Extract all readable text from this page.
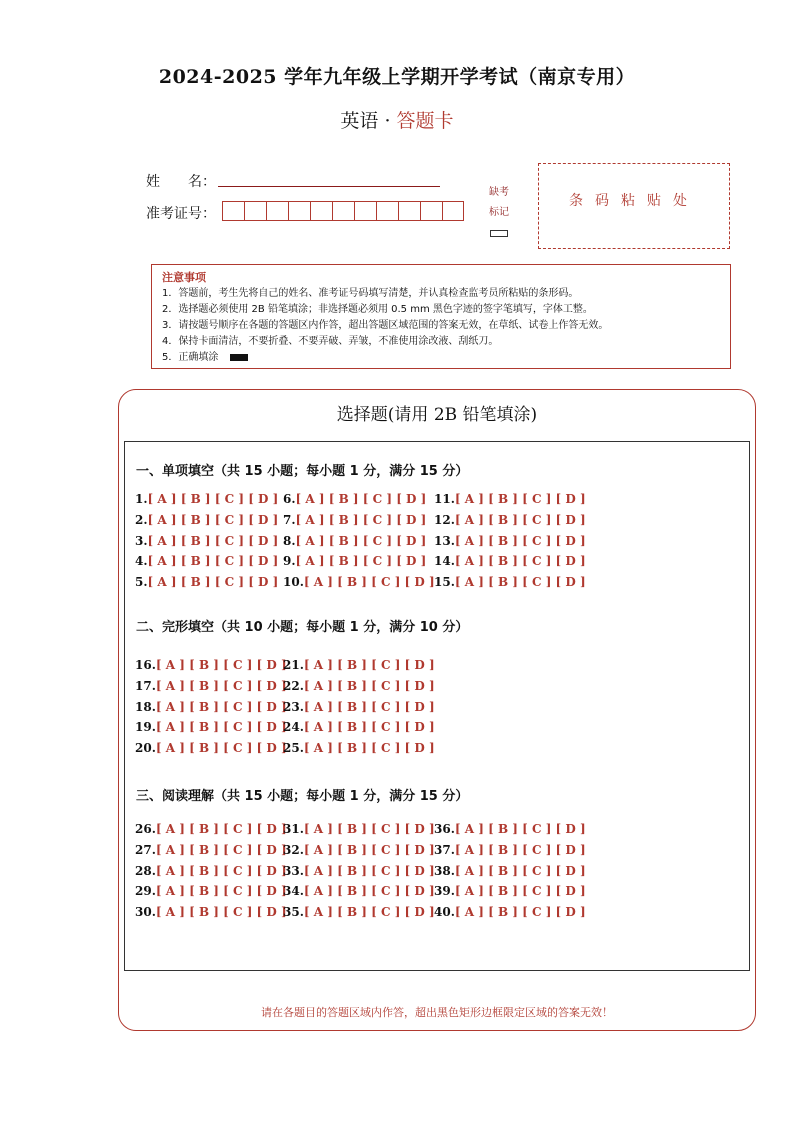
2024-2025 学年九年级上学期开学考试（南京专用）
英语 · 答题卡
姓　　名：
准考证号：
缺考
标记
条码粘贴处
注意事项
1．答题前，考生先将自己的姓名、准考证号码填写清楚，并认真检查监考员所粘贴的条形码。
2．选择题必须使用 2B 铅笔填涂；非选择题必须用 0.5 mm 黑色字迹的签字笔填写，字体工整。
3．请按题号顺序在各题的答题区内作答，超出答题区域范围的答案无效，在草纸、试卷上作答无效。
4．保持卡面清洁，不要折叠、不要弄破、弄皱，不准使用涂改液、刮纸刀。
5．正确填涂
选择题(请用 2B 铅笔填涂)
一、单项填空（共 15 小题；每小题 1 分，满分 15 分）
二、完形填空（共 10 小题；每小题 1 分，满分 10 分）
三、阅读理解（共 15 小题；每小题 1 分，满分 15 分）
1.[ A ] [ B ] [ C ] [ D ]
2.[ A ] [ B ] [ C ] [ D ]
3.[ A ] [ B ] [ C ] [ D ]
4.[ A ] [ B ] [ C ] [ D ]
5.[ A ] [ B ] [ C ] [ D ]
6.[ A ] [ B ] [ C ] [ D ]
7.[ A ] [ B ] [ C ] [ D ]
8.[ A ] [ B ] [ C ] [ D ]
9.[ A ] [ B ] [ C ] [ D ]
10.[ A ] [ B ] [ C ] [ D ]
11.[ A ] [ B ] [ C ] [ D ]
12.[ A ] [ B ] [ C ] [ D ]
13.[ A ] [ B ] [ C ] [ D ]
14.[ A ] [ B ] [ C ] [ D ]
15.[ A ] [ B ] [ C ] [ D ]
16.[ A ] [ B ] [ C ] [ D ]
17.[ A ] [ B ] [ C ] [ D ]
18.[ A ] [ B ] [ C ] [ D ]
19.[ A ] [ B ] [ C ] [ D ]
20.[ A ] [ B ] [ C ] [ D ]
21.[ A ] [ B ] [ C ] [ D ]
22.[ A ] [ B ] [ C ] [ D ]
23.[ A ] [ B ] [ C ] [ D ]
24.[ A ] [ B ] [ C ] [ D ]
25.[ A ] [ B ] [ C ] [ D ]
26.[ A ] [ B ] [ C ] [ D ]
27.[ A ] [ B ] [ C ] [ D ]
28.[ A ] [ B ] [ C ] [ D ]
29.[ A ] [ B ] [ C ] [ D ]
30.[ A ] [ B ] [ C ] [ D ]
31.[ A ] [ B ] [ C ] [ D ]
32.[ A ] [ B ] [ C ] [ D ]
33.[ A ] [ B ] [ C ] [ D ]
34.[ A ] [ B ] [ C ] [ D ]
35.[ A ] [ B ] [ C ] [ D ]
36.[ A ] [ B ] [ C ] [ D ]
37.[ A ] [ B ] [ C ] [ D ]
38.[ A ] [ B ] [ C ] [ D ]
39.[ A ] [ B ] [ C ] [ D ]
40.[ A ] [ B ] [ C ] [ D ]
请在各题目的答题区域内作答，超出黑色矩形边框限定区域的答案无效！
